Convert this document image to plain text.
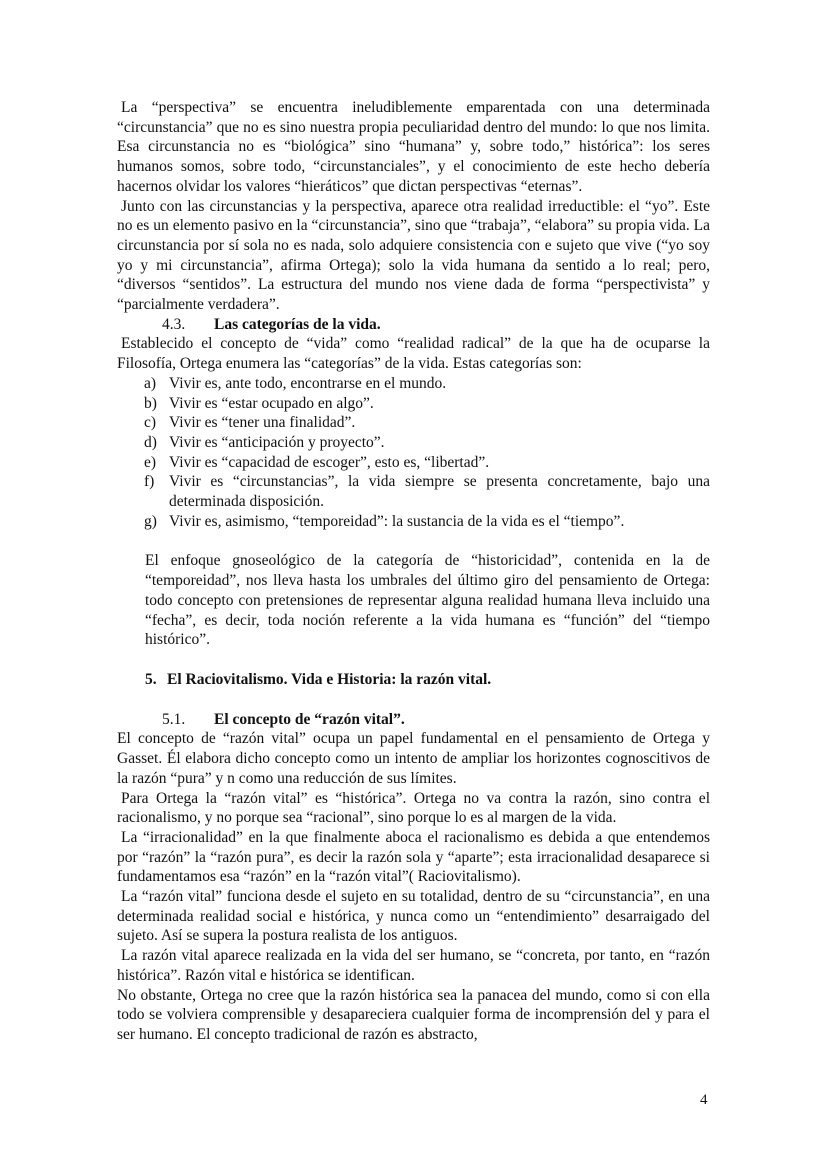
La “perspectiva” se encuentra ineludiblemente emparentada con una determinada “circunstancia” que no es sino nuestra propia peculiaridad dentro del mundo: lo que nos limita. Esa circunstancia no es “biológica” sino “humana” y, sobre todo,” histórica”: los seres humanos somos, sobre todo, “circunstanciales”, y el conocimiento de este hecho debería hacernos olvidar los valores “hieráticos” que dictan perspectivas “eternas”.

Junto con las circunstancias y la perspectiva, aparece otra realidad irreductible: el “yo”. Este no es un elemento pasivo en la “circunstancia”, sino que “trabaja”, “elabora” su propia vida. La circunstancia por sí sola no es nada, solo adquiere consistencia con e sujeto que vive (“yo soy yo y mi circunstancia”, afirma Ortega); solo la vida humana da sentido a lo real; pero, “diversos “sentidos”. La estructura del mundo nos viene dada de forma “perspectivista” y “parcialmente verdadera”.

4.3. Las categorías de la vida.

Establecido el concepto de “vida” como “realidad radical” de la que ha de ocuparse la Filosofía, Ortega enumera las “categorías” de la vida. Estas categorías son:

a) Vivir es, ante todo, encontrarse en el mundo.
b) Vivir es “estar ocupado en algo”.
c) Vivir es “tener una finalidad”.
d) Vivir es “anticipación y proyecto”.
e) Vivir es “capacidad de escoger”, esto es, “libertad”.
f) Vivir es “circunstancias”, la vida siempre se presenta concretamente, bajo una determinada disposición.
g) Vivir es, asimismo, “temporeidad”: la sustancia de la vida es el “tiempo”.

El enfoque gnoseológico de la categoría de “historicidad”, contenida en la de “temporeidad”, nos lleva hasta los umbrales del último giro del pensamiento de Ortega: todo concepto con pretensiones de representar alguna realidad humana lleva incluido una “fecha”, es decir, toda noción referente a la vida humana es “función” del “tiempo histórico”.

5. El Raciovitalismo. Vida e Historia: la razón vital.
5.1. El concepto de “razón vital”.

El concepto de “razón vital” ocupa un papel fundamental en el pensamiento de Ortega y Gasset. Él elabora dicho concepto como un intento de ampliar los horizontes cognoscitivos de la razón “pura” y n como una reducción de sus límites.

Para Ortega la “razón vital” es “histórica”. Ortega no va contra la razón, sino contra el racionalismo, y no porque sea “racional”, sino porque lo es al margen de la vida.

La “irracionalidad” en la que finalmente aboca el racionalismo es debida a que entendemos por “razón” la “razón pura”, es decir la razón sola y “aparte”; esta irracionalidad desaparece si fundamentamos esa “razón” en la “razón vital”( Raciovitalismo).

La “razón vital” funciona desde el sujeto en su totalidad, dentro de su “circunstancia”, en una determinada realidad social e histórica, y nunca como un “entendimiento” desarraigado del sujeto. Así se supera la postura realista de los antiguos.

La razón vital aparece realizada en la vida del ser humano, se “concreta, por tanto, en “razón histórica”. Razón vital e histórica se identifican.

No obstante, Ortega no cree que la razón histórica sea la panacea del mundo, como si con ella todo se volviera comprensible y desapareciera cualquier forma de incomprensión del y para el ser humano. El concepto tradicional de razón es abstracto,

4
